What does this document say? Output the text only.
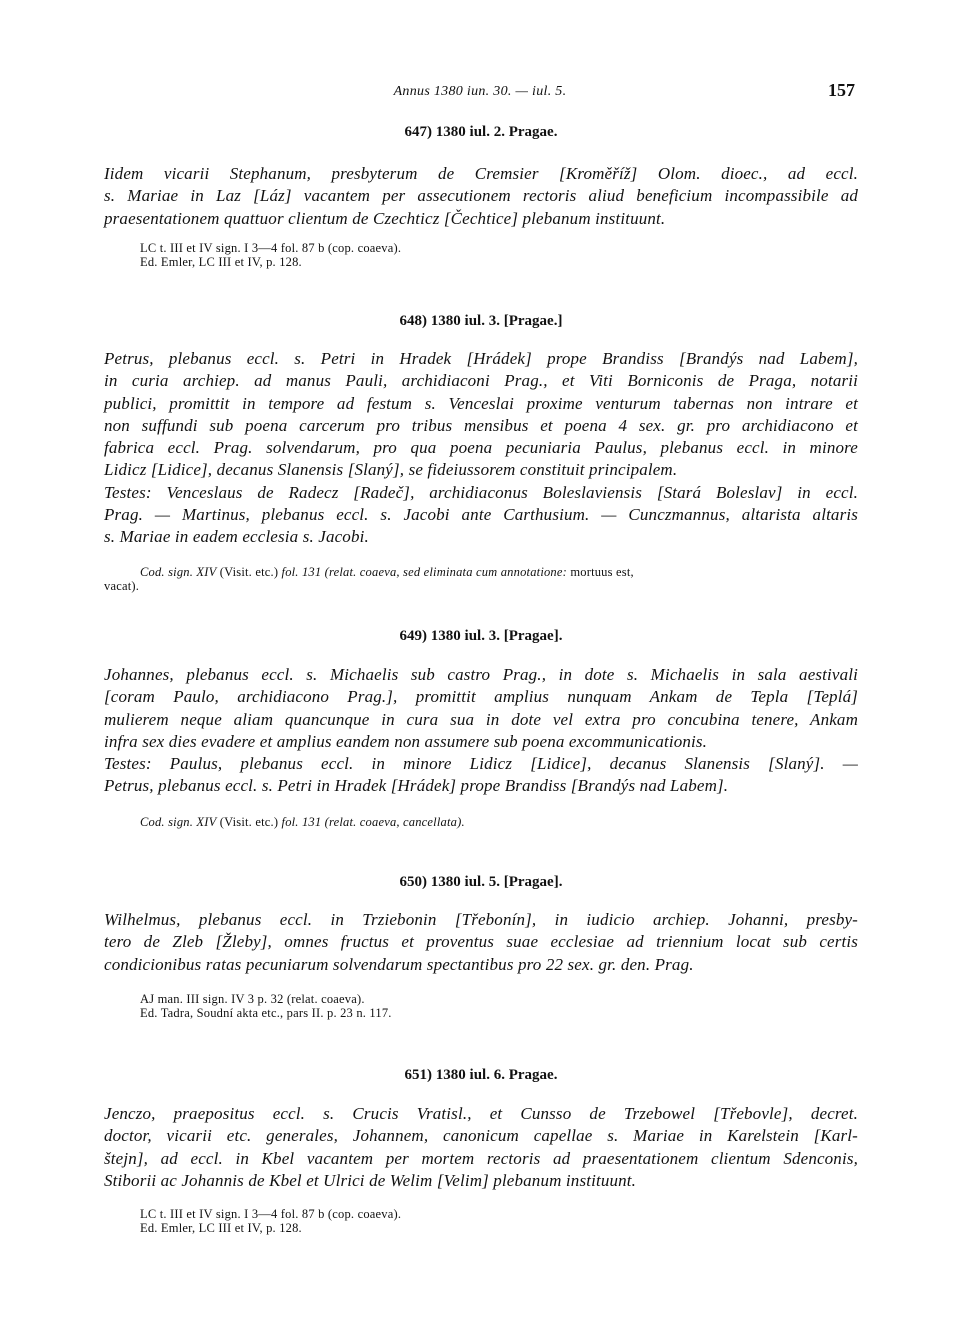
Annus 1380 iun. 30. — iul. 5.	157

647) 1380 iul. 2. Pragae.

Iidem vicarii Stephanum, presbyterum de Cremsier [Kroměříž] Olom. dioec., ad eccl.
s. Mariae in Laz [Láz] vacantem per assecutionem rectoris aliud beneficium incompassibile ad
praesentationem quattuor clientum de Czechticz [Čechtice] plebanum instituunt.

LC t. III et IV sign. I 3—4 fol. 87 b (cop. coaeva).

Ed. Emler, LC III et IV, p. 128.

648) 1380 iul. 3. [Pragae.]

Petrus, plebanus eccl. s. Petri in Hradek [Hrádek] prope Brandiss [Brandýs nad Labem],
in curia archiep. ad manus Pauli, archidiaconi Prag., et Viti Borniconis de Praga, notarii
publici, promittit in tempore ad festum s. Venceslai proxime venturum tabernas non intrare et
non suffundi sub poena carcerum pro tribus mensibus et poena 4 sex. gr. pro archidiacono et
fabrica eccl. Prag. solvendarum, pro qua poena pecuniaria Paulus, plebanus eccl. in minore
Lidicz [Lidice], decanus Slanensis [Slaný], se fideiussorem constituit principalem.
Testes: Venceslaus de Radecz [Radeč], archidiaconus Boleslaviensis [Stará Boleslav] in eccl.
Prag. — Martinus, plebanus eccl. s. Jacobi ante Carthusium. — Cunczmannus, altarista altaris
s. Mariae in eadem ecclesia s. Jacobi.

Cod. sign. XIV (Visit. etc.) fol. 131 (relat. coaeva, sed eliminata cum annotatione: mortuus est,

vacat).

649) 1380 iul. 3. [Pragae].

Johannes, plebanus eccl. s. Michaelis sub castro Prag., in dote s. Michaelis in sala aestivali
[coram Paulo, archidiacono Prag.], promittit amplius nunquam Ankam de Tepla [Teplá]
mulierem neque aliam quancunque in cura sua in dote vel extra pro concubina tenere, Ankam
infra sex dies evadere et amplius eandem non assumere sub poena excommunicationis.
Testes: Paulus, plebanus eccl. in minore Lidicz [Lidice], decanus Slanensis [Slaný]. —
Petrus, plebanus eccl. s. Petri in Hradek [Hrádek] prope Brandiss [Brandýs nad Labem].

Cod. sign. XIV (Visit. etc.) fol. 131 (relat. coaeva, cancellata).

650) 1380 iul. 5. [Pragae].

Wilhelmus, plebanus eccl. in Trziebonin [Třebonín], in iudicio archiep. Johanni, presby-
tero de Zleb [Žleby], omnes fructus et proventus suae ecclesiae ad triennium locat sub certis
condicionibus ratas pecuniarum solvendarum spectantibus pro 22 sex. gr. den. Prag.

AJ man. III sign. IV 3 p. 32 (relat. coaeva).

Ed. Tadra, Soudní akta etc., pars II. p. 23 n. 117.

651) 1380 iul. 6. Pragae.

Jenczo, praepositus eccl. s. Crucis Vratisl., et Cunsso de Trzebowel [Třebovle], decret.
doctor, vicarii etc. generales, Johannem, canonicum capellae s. Mariae in Karelstein [Karl-
štejn], ad eccl. in Kbel vacantem per mortem rectoris ad praesentationem clientum Sdenconis,
Stiborii ac Johannis de Kbel et Ulrici de Welim [Velim] plebanum instituunt.

LC t. III et IV sign. I 3—4 fol. 87 b (cop. coaeva).

Ed. Emler, LC III et IV, p. 128.
